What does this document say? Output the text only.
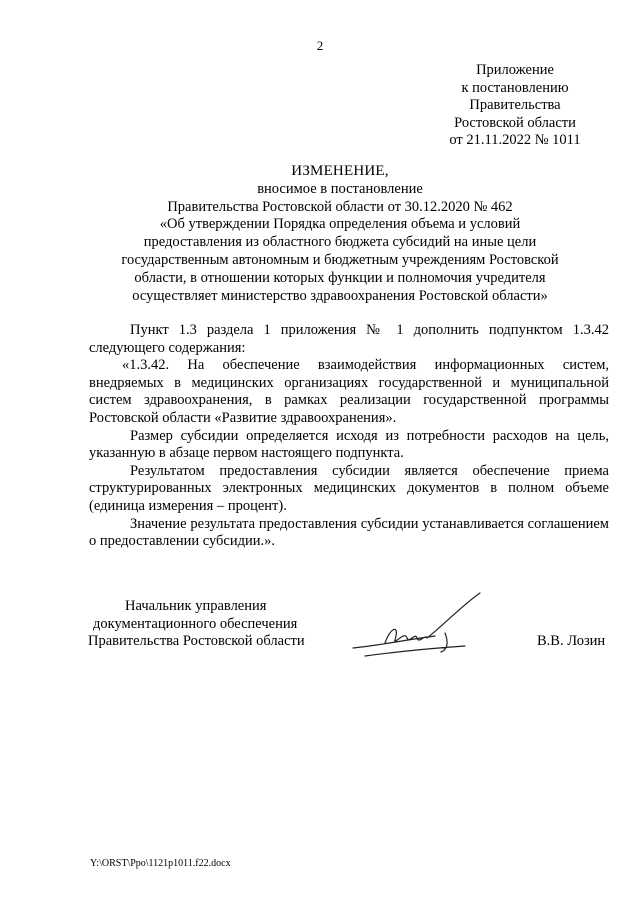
2
Приложение
к постановлению
Правительства
Ростовской области
от 21.11.2022 № 1011
ИЗМЕНЕНИЕ,
вносимое в постановление
Правительства Ростовской области от 30.12.2020 № 462
«Об утверждении Порядка определения объема и условий
предоставления из областного бюджета субсидий на иные цели
государственным автономным и бюджетным учреждениям Ростовской
области, в отношении которых функции и полномочия учредителя
осуществляет министерство здравоохранения Ростовской области»

Пункт 1.3 раздела 1 приложения № 1 дополнить подпунктом 1.3.42 следующего содержания:

«1.3.42. На обеспечение взаимодействия информационных систем, внедряемых в медицинских организациях государственной и муниципальной систем здравоохранения, в рамках реализации государственной программы Ростовской области «Развитие здравоохранения».

Размер субсидии определяется исходя из потребности расходов на цель, указанную в абзаце первом настоящего подпункта.

Результатом предоставления субсидии является обеспечение приема структурированных электронных медицинских документов в полном объеме (единица измерения – процент).

Значение результата предоставления субсидии устанавливается соглашением о предоставлении субсидии.».

Начальник управления
документационного обеспечения
Правительства Ростовской области	В.В. Лозин
Y:\ORST\Ppo\1121p1011.f22.docx
